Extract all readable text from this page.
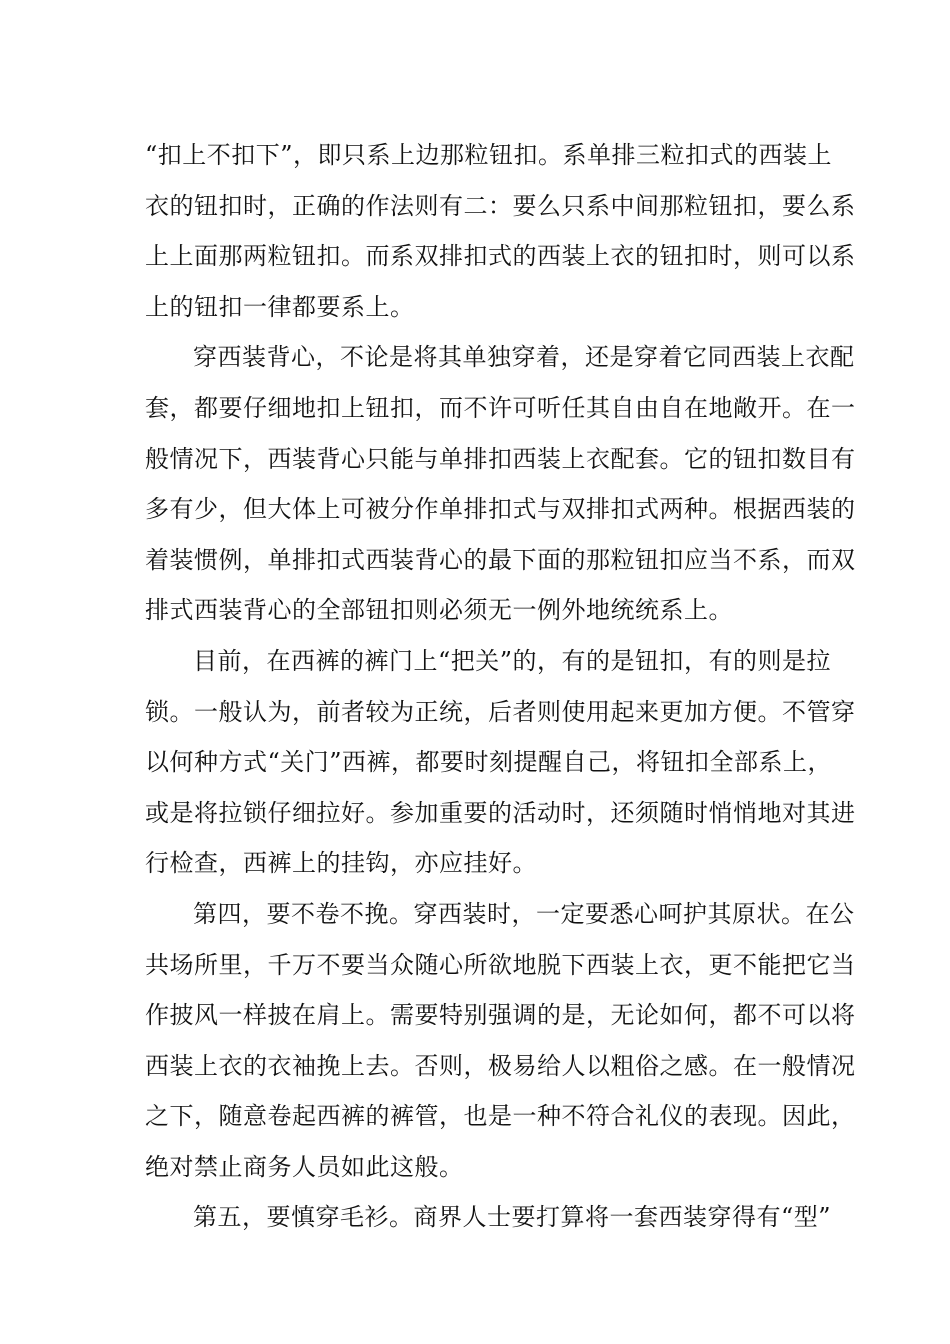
“扣上不扣下”，即只系上边那粒钮扣。系单排三粒扣式的西装上
衣的钮扣时，正确的作法则有二：要么只系中间那粒钮扣，要么系
上上面那两粒钮扣。而系双排扣式的西装上衣的钮扣时，则可以系
上的钮扣一律都要系上。
穿西装背心，不论是将其单独穿着，还是穿着它同西装上衣配
套，都要仔细地扣上钮扣，而不许可听任其自由自在地敞开。在一
般情况下，西装背心只能与单排扣西装上衣配套。它的钮扣数目有
多有少，但大体上可被分作单排扣式与双排扣式两种。根据西装的
着装惯例，单排扣式西装背心的最下面的那粒钮扣应当不系，而双
排式西装背心的全部钮扣则必须无一例外地统统系上。
目前，在西裤的裤门上“把关”的，有的是钮扣，有的则是拉
锁。一般认为，前者较为正统，后者则使用起来更加方便。不管穿
以何种方式“关门”西裤，都要时刻提醒自己，将钮扣全部系上，
或是将拉锁仔细拉好。参加重要的活动时，还须随时悄悄地对其进
行检查，西裤上的挂钩，亦应挂好。
第四，要不卷不挽。穿西装时，一定要悉心呵护其原状。在公
共场所里，千万不要当众随心所欲地脱下西装上衣，更不能把它当
作披风一样披在肩上。需要特别强调的是，无论如何，都不可以将
西装上衣的衣袖挽上去。否则，极易给人以粗俗之感。在一般情况
之下，随意卷起西裤的裤管，也是一种不符合礼仪的表现。因此，
绝对禁止商务人员如此这般。
第五，要慎穿毛衫。商界人士要打算将一套西装穿得有“型”
